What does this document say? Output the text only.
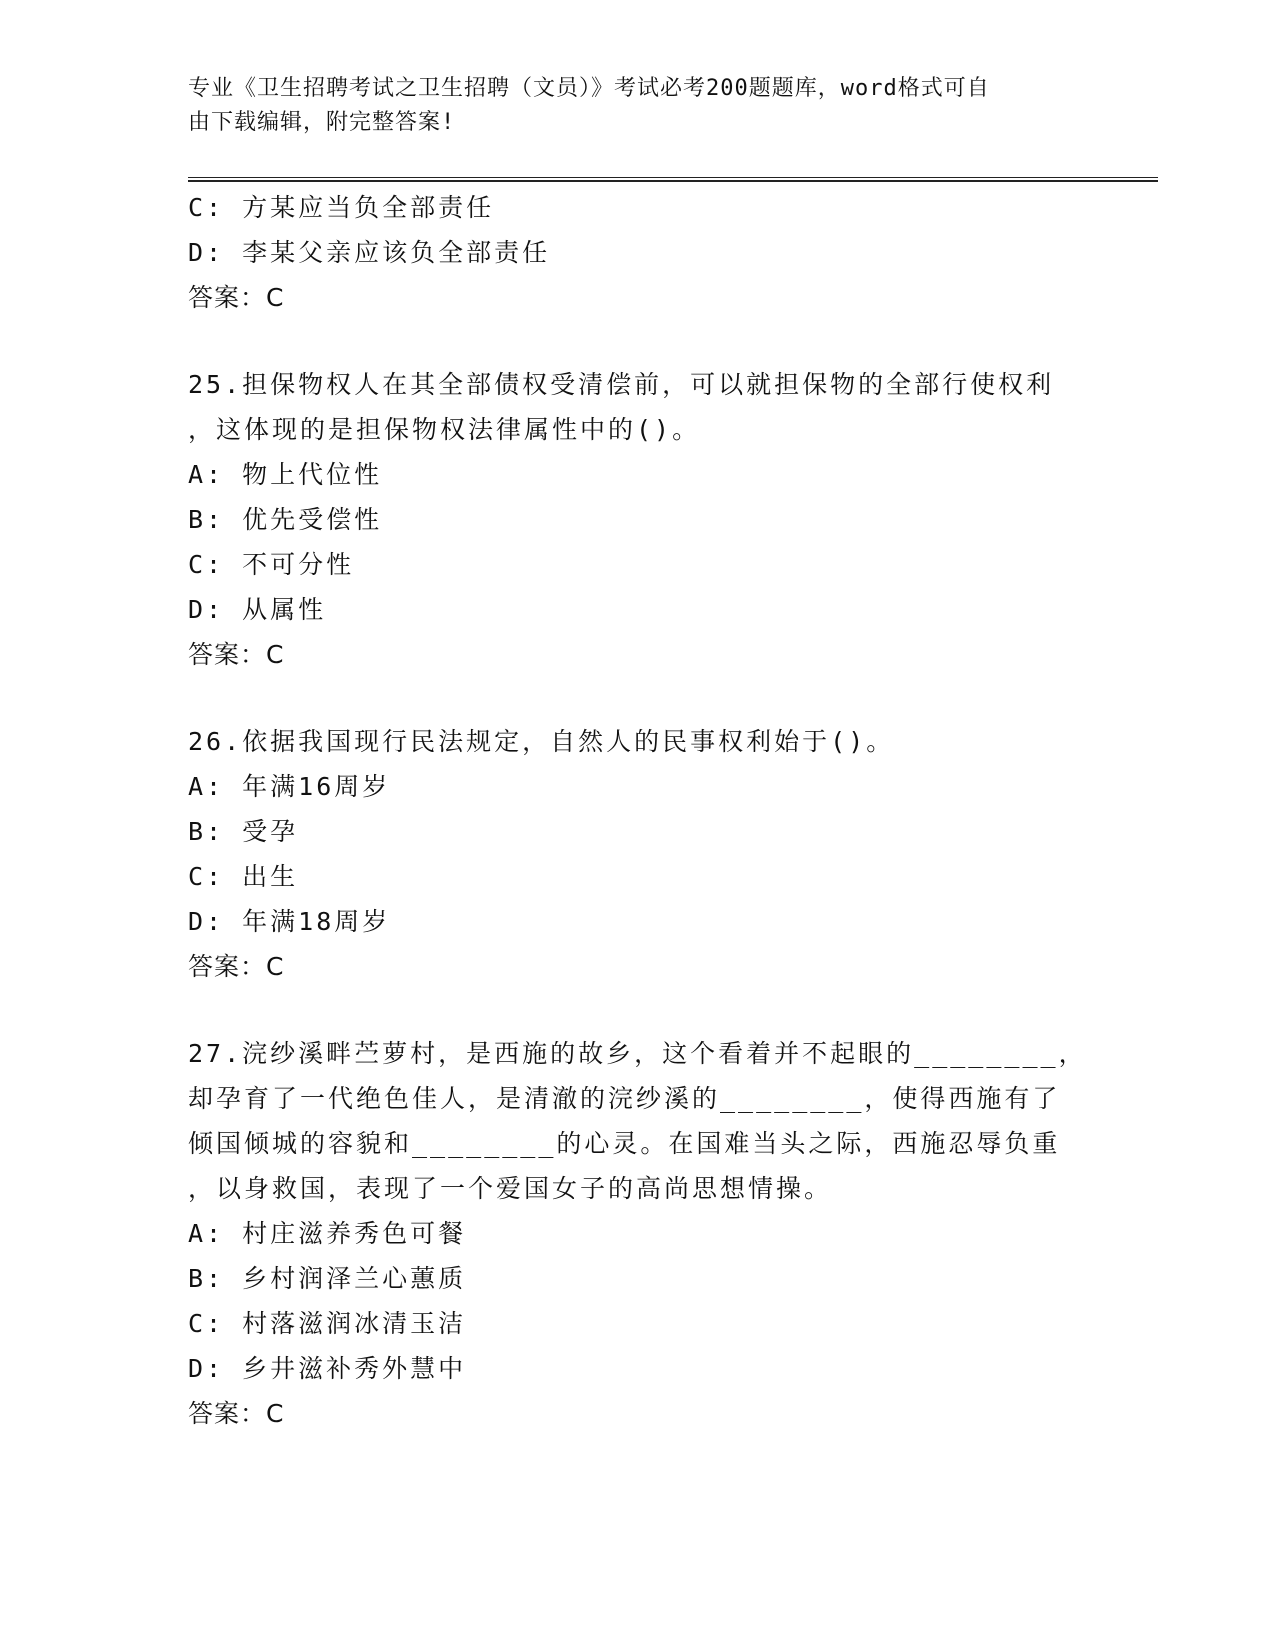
专业《卫生招聘考试之卫生招聘（文员）》考试必考200题题库，word格式可自
由下载编辑，附完整答案!
C: 方某应当负全部责任
D: 李某父亲应该负全部责任
答案：C
25.担保物权人在其全部债权受清偿前，可以就担保物的全部行使权利
，这体现的是担保物权法律属性中的()。
A: 物上代位性
B: 优先受偿性
C: 不可分性
D: 从属性
答案：C
26.依据我国现行民法规定，自然人的民事权利始于()。
A: 年满16周岁
B: 受孕
C: 出生
D: 年满18周岁
答案：C
27.浣纱溪畔苎萝村，是西施的故乡，这个看着并不起眼的________，
却孕育了一代绝色佳人，是清澈的浣纱溪的________，使得西施有了
倾国倾城的容貌和________的心灵。在国难当头之际，西施忍辱负重
，以身救国，表现了一个爱国女子的高尚思想情操。
A: 村庄滋养秀色可餐
B: 乡村润泽兰心蕙质
C: 村落滋润冰清玉洁
D: 乡井滋补秀外慧中
答案：C
